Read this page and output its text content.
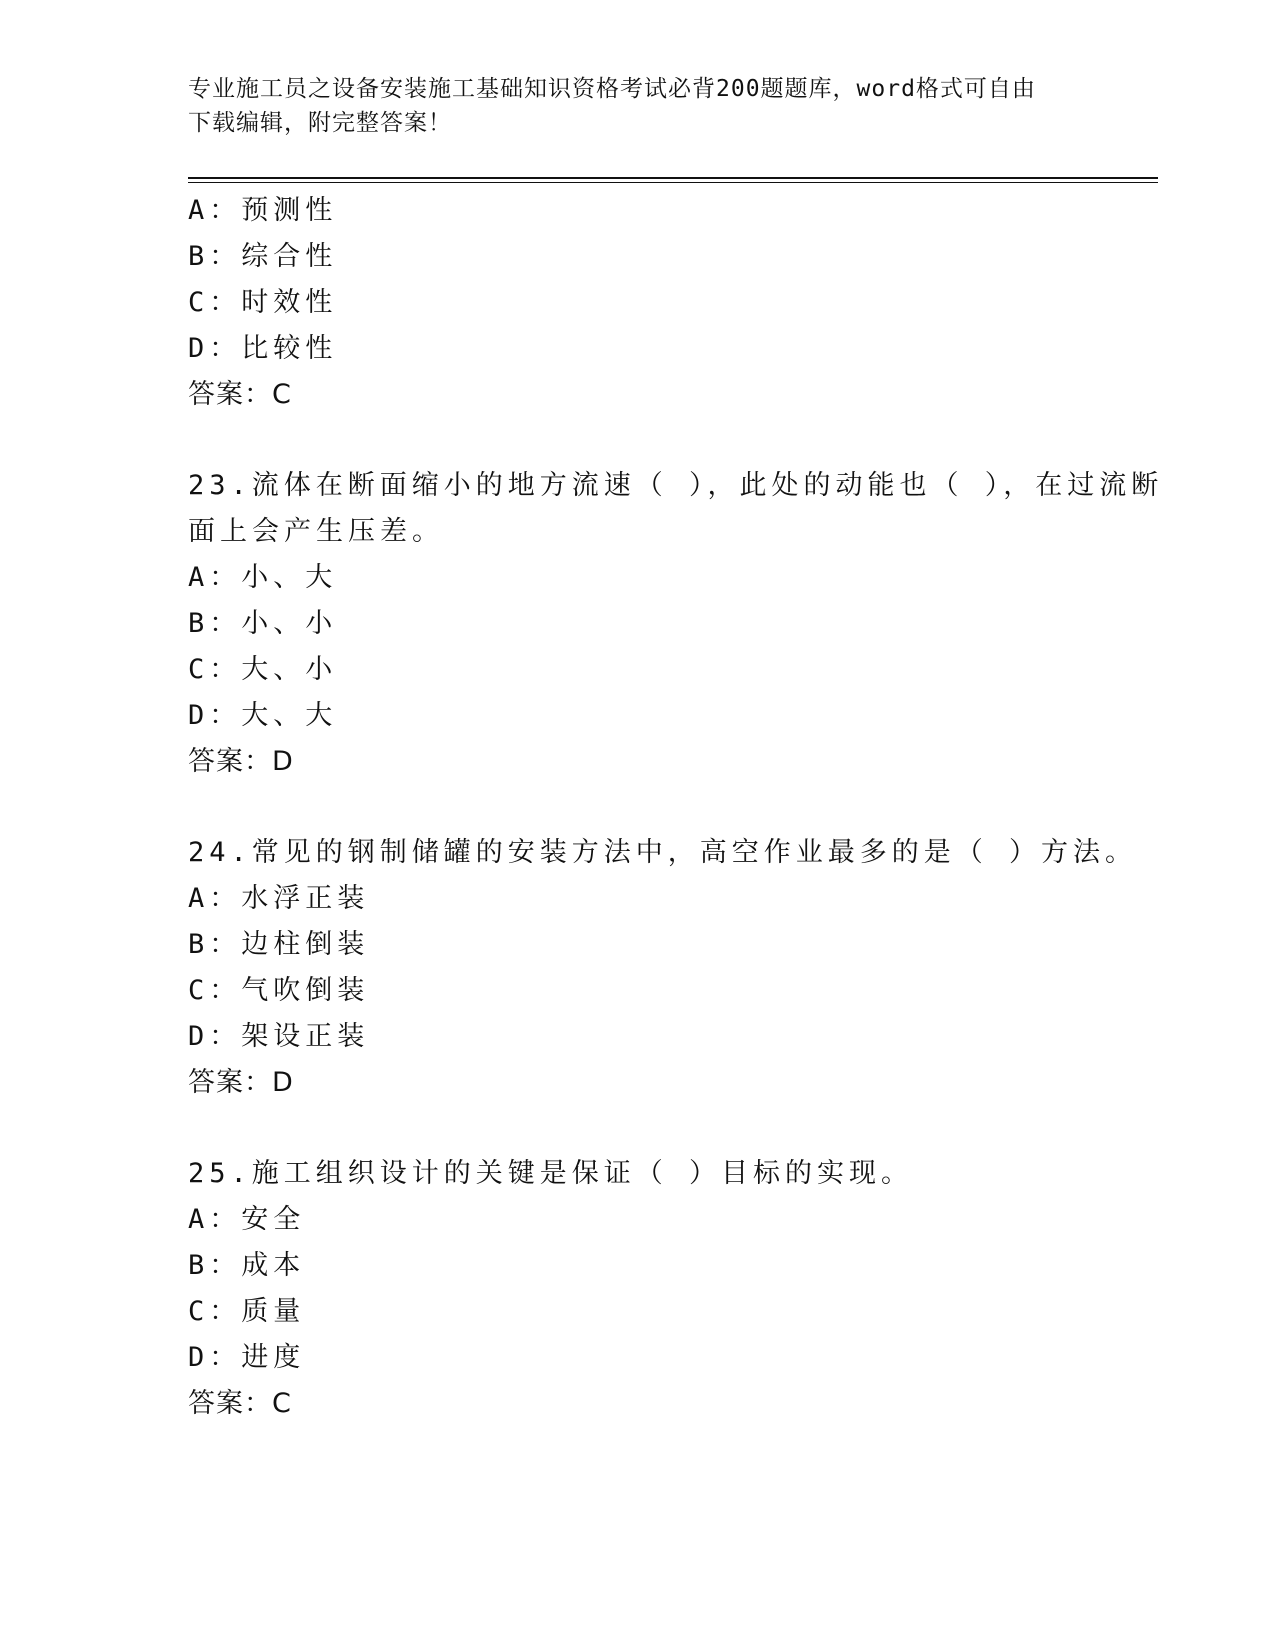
专业施工员之设备安装施工基础知识资格考试必背200题题库，word格式可自由
下载编辑，附完整答案！
A：预测性
B：综合性
C：时效性
D：比较性
答案：C
23.流体在断面缩小的地方流速（ ），此处的动能也（ ），在过流断
面上会产生压差。
A：小、大
B：小、小
C：大、小
D：大、大
答案：D
24.常见的钢制储罐的安装方法中，高空作业最多的是（ ）方法。
A：水浮正装
B：边柱倒装
C：气吹倒装
D：架设正装
答案：D
25.施工组织设计的关键是保证（ ）目标的实现。
A：安全
B：成本
C：质量
D：进度
答案：C
